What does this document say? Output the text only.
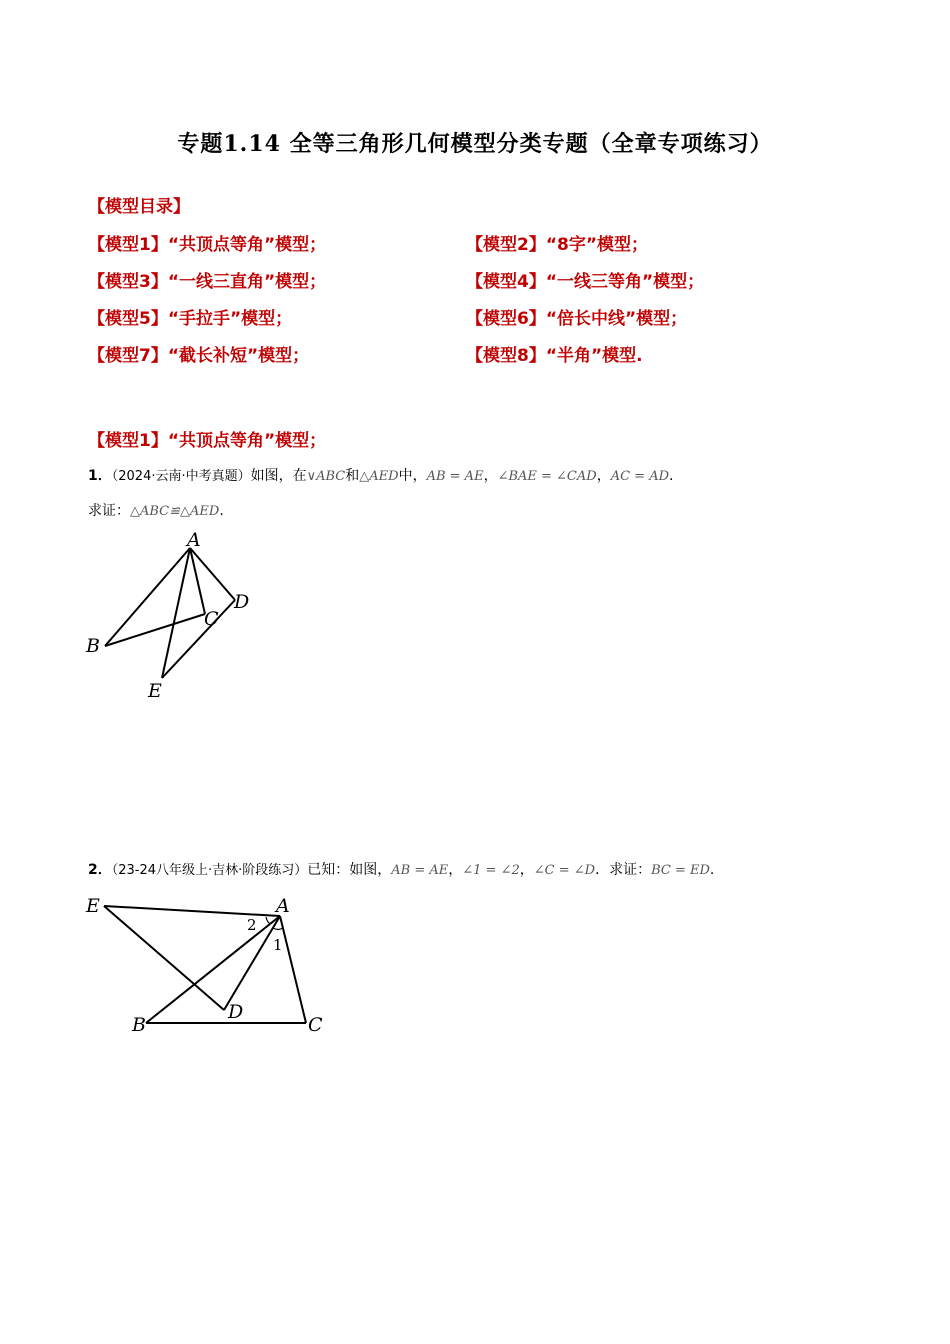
专题1.14 全等三角形几何模型分类专题（全章专项练习）
【模型目录】
【模型1】“共顶点等角”模型；	【模型2】“8字”模型；
【模型3】“一线三直角”模型；	【模型4】“一线三等角”模型；
【模型5】“手拉手”模型；	【模型6】“倍长中线”模型；
【模型7】“截长补短”模型；	【模型8】“半角”模型.
【模型1】“共顶点等角”模型；
1．（2024·云南·中考真题）如图，在∨ABC和△AED中，AB = AE，∠BAE = ∠CAD，AC = AD.
求证：△ABC≌△AED.
A
B
C
D
E
2．（23-24八年级上·吉林·阶段练习）已知：如图，AB = AE，∠1 = ∠2，∠C = ∠D．求证：BC = ED.
A
B	C
D
E
2
1
